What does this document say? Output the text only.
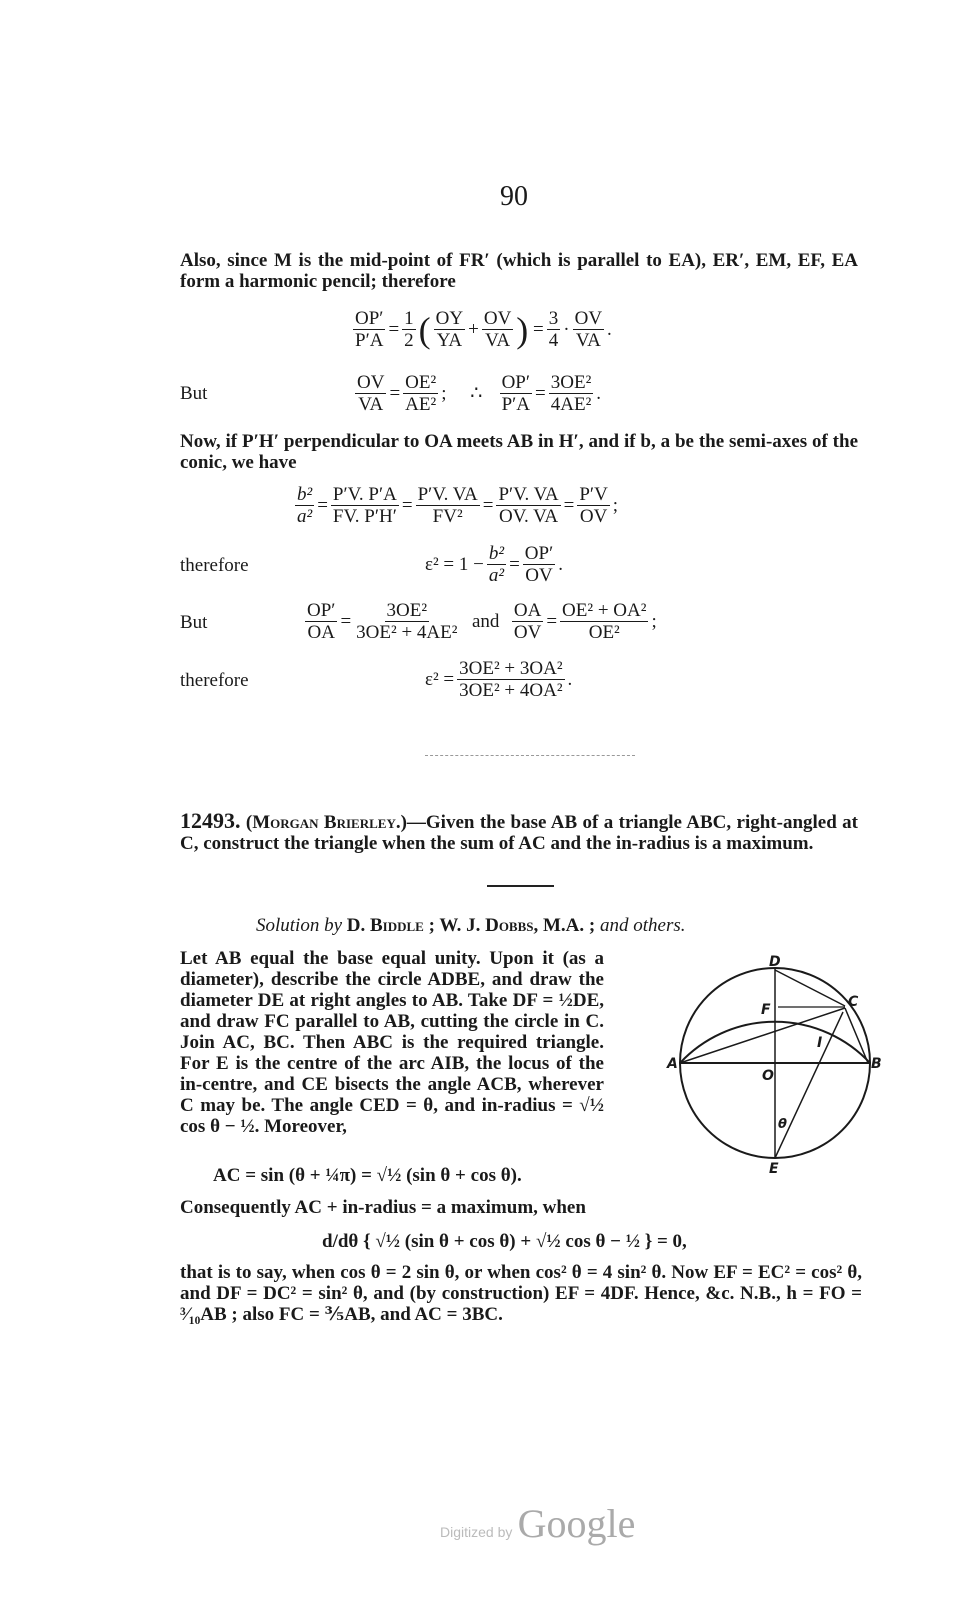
90
Also, since M is the mid-point of FR′ (which is parallel to EA), ER′, EM, EF, EA form a harmonic pencil; therefore
$\frac{OP'}{P'A} = \frac{1}{2}$ ( $\frac{OY}{YA} + \frac{OV}{VA}$ ) = $\frac{3}{4} \cdot \frac{OV}{VA}$ .
But	$\frac{OV}{VA} = \frac{\text{OE²}}{\text{AE²}}$ ; ∴
$\frac{OP'}{P'A} = \frac{\text{3OE²}}{\text{4AE²}}$ .
Now, if P′H′ perpendicular to OA meets AB in H′, and if b, a be the semi-axes of the conic, we have
$\frac{\text{b²}}{\text{a²}} = \frac{P'V. P'A}{FV. P'H'} = \frac{P'V. VA}{\text{FV²}} = \frac{P'V. VA}{OV. VA} = \frac{P'V}{OV}$ ;
therefore	$\varepsilon^2 = 1 - \frac{\text{b²}}{\text{a²}} = \frac{OP'}{OV}$ .
But	$\frac{OP'}{OA} = \frac{\text{3OE²}}{\text{3OE² + 4AE²}}$
and
$\frac{OA}{OV} = \frac{\text{OE² + OA²}}{\text{OE²}}$ ;
therefore	$\varepsilon^2 = \frac{\text{3OE² + 3OA²}}{\text{3OE² + 4OA²}}$ .
12493. (Morgan Brierley.)—Given the base AB of a triangle ABC, right-angled at C, construct the triangle when the sum of AC and the in-radius is a maximum.
Solution by D. Biddle ; W. J. Dobbs, M.A. ; and others.
Let AB equal the base equal unity. Upon it (as a diameter), describe the circle ADBE, and draw the diameter DE at right angles to AB. Take DF = ½DE, and draw FC parallel to AB, cutting the circle in C. Join AC, BC. Then ABC is the required triangle. For E is the centre of the arc AIB, the locus of the in-centre, and CE bisects the angle ACB, wherever C may be. The angle CED = θ, and in-radius = √½ cos θ − ½. Moreover,
AC = sin (θ + ¼π) = √½ (sin θ + cos θ).
D
C
F
I
A
O
B
θ
E
Consequently AC + in-radius = a maximum, when
d/dθ { √½ (sin θ + cos θ) + √½ cos θ − ½ } = 0,
that is to say, when cos θ = 2 sin θ, or when cos² θ = 4 sin² θ. Now EF = EC² = cos² θ, and DF = DC² = sin² θ, and (by construction) EF = 4DF. Hence, &c. N.B., h = FO = ³⁄₁₀AB ; also FC = ⅗AB, and AC = 3BC.
Digitized by Google
